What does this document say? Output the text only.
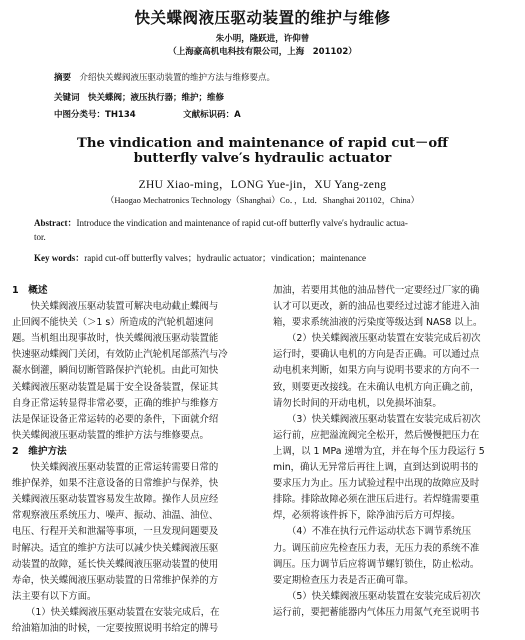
快关蝶阀液压驱动装置的维护与维修
朱小明，隆跃进，许仰曾
（上海豪高机电科技有限公司，上海　201102）
摘要　 介绍快关蝶阀液压驱动装置的维护方法与维修要点。
关键词　 快关蝶阀；液压执行器；维护；维修
中图分类号：TH134	文献标识码：A
The vindication and maintenance of rapid cut－off
butterfly valve′s hydraulic actuator
ZHU Xiao-ming，LONG Yue-jin，XU Yang-zeng
（Haogao Mechatronics Technology（Shanghai）Co．，Ltd．Shanghai 201102，China）
Abstract：Introduce the vindication and maintenance of rapid cut-off butterfly valve′s hydraulic actua-
tor.
Key words：rapid cut-off butterfly valves；hydraulic actuator；vindication；maintenance
1　概述
　　快关蝶阀液压驱动装置可解决电动截止蝶阀与
止回阀不能快关（＞1 s）所造成的汽轮机超速问
题。当机组出现事故时，快关蝶阀液压驱动装置能
快速驱动蝶阀门关闭，有效防止汽轮机尾部蒸汽与冷
凝水倒灌，瞬间切断管路保护汽轮机。由此可知快
关蝶阀液压驱动装置是属于安全设备装置，保证其
自身正常运转显得非常必要，正确的维护与维修方
法是保证设备正常运转的必要的条件，下面就介绍
快关蝶阀液压驱动装置的维护方法与维修要点。
2　维护方法
　　快关蝶阀液压驱动装置的正常运转需要日常的
维护保养，如果不注意设备的日常维护与保养，快
关蝶阀液压驱动装置容易发生故障。操作人员应经
常观察液压系统压力、噪声、振动、油温、油位、
电压、行程开关和泄漏等事项，一旦发现问题要及
时解决。适宜的维护方法可以减少快关蝶阀液压驱
动装置的故障，延长快关蝶阀液压驱动装置的使用
寿命，快关蝶阀液压驱动装置的日常维护保养的方
法主要有以下方面。
　　（1）快关蝶阀液压驱动装置在安装完成后，在
给油箱加油的时候，一定要按照说明书给定的牌号
加油，若要用其他的油品替代一定要经过厂家的确
认才可以更改，新的油品也要经过过滤才能进入油
箱，要求系统油液的污染度等级达到 NAS8 以上。
　　（2）快关蝶阀液压驱动装置在安装完成后初次
运行时，要确认电机的方向是否正确。可以通过点
动电机来判断，如果方向与说明书要求的方向不一
致，则要更改接线。在未确认电机方向正确之前，
请勿长时间的开动电机，以免损坏油泵。
　　（3）快关蝶阀液压驱动装置在安装完成后初次
运行前，应把溢流阀完全松开，然后慢慢把压力在
上调，以 1 MPa 递增为宜，并在每个压力段运行 5
min，确认无异常后再往上调，直到达到说明书的
要求压力为止。压力试验过程中出现的故障应及时
排除。排除故障必须在泄压后进行。若焊缝需要重
焊，必须将该件拆下，除净油污后方可焊接。
　　（4）不准在执行元件运动状态下调节系统压
力。调压前应先检查压力表，无压力表的系统不准
调压。压力调节后应将调节螺钉锁住，防止松动。
要定期检查压力表是否正确可靠。
　　（5）快关蝶阀液压驱动装置在安装完成后初次
运行前，要把蓄能器内气体压力用氮气充至说明书
